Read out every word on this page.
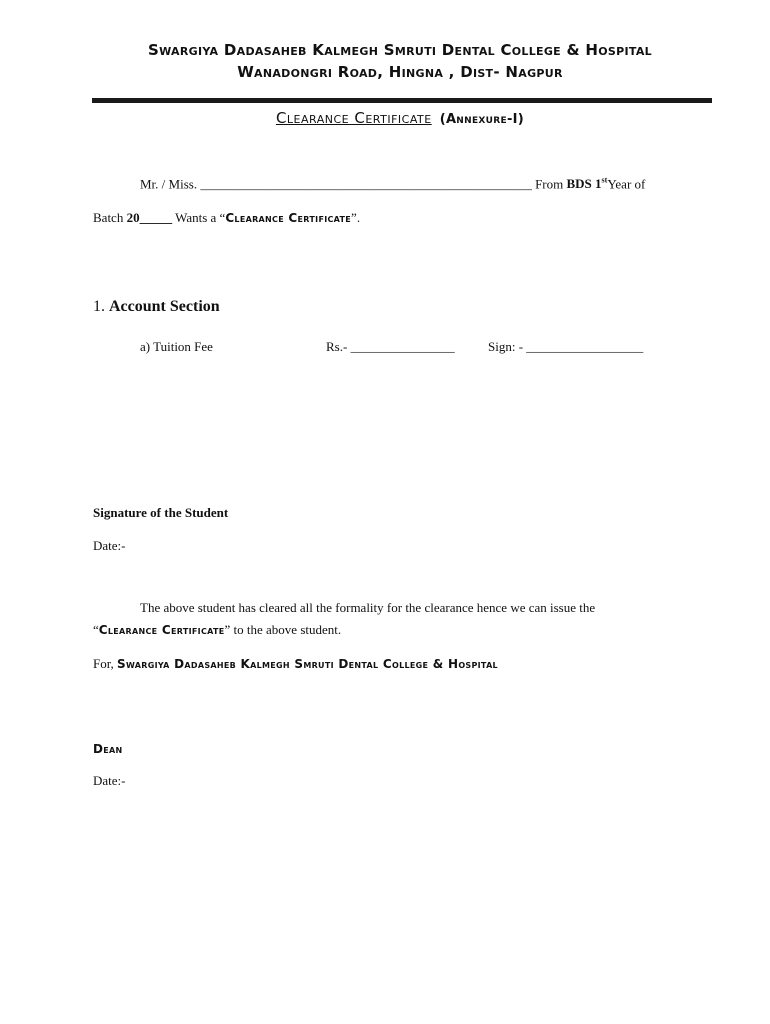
Swargiya Dadasaheb Kalmegh Smruti Dental College & Hospital
Wanadongri Road, Hingna , Dist- Nagpur
Clearance Certificate (Annexure-I)
Mr. / Miss. ___________________________________________________ From BDS 1stYear of
Batch 20_____ Wants a “Clearance Certificate”.
1. Account Section
a) Tuition Fee	Rs.- ________________	Sign: - __________________
Signature of the Student
Date:-
The above student has cleared all the formality for the clearance hence we can issue the
“Clearance Certificate” to the above student.
For, Swargiya Dadasaheb Kalmegh Smruti Dental College & Hospital
Dean
Date:-
